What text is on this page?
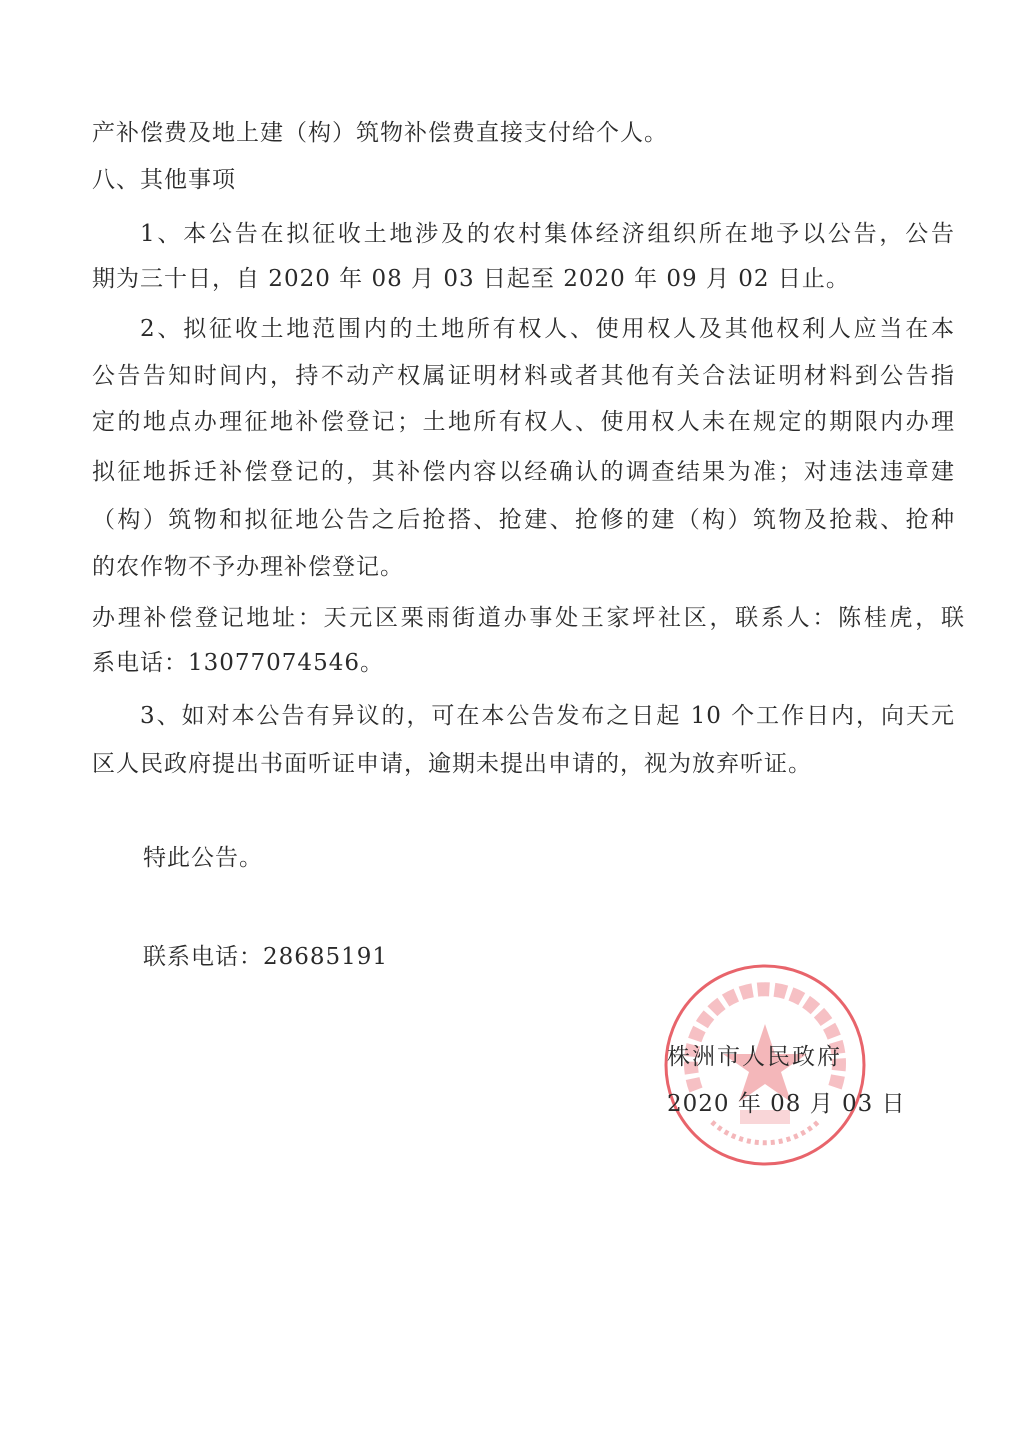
产补偿费及地上建（构）筑物补偿费直接支付给个人。
八、其他事项
1、本公告在拟征收土地涉及的农村集体经济组织所在地予以公告，公告
期为三十日，自 2020 年 08 月 03 日起至 2020 年 09 月 02 日止。
2、拟征收土地范围内的土地所有权人、使用权人及其他权利人应当在本
公告告知时间内，持不动产权属证明材料或者其他有关合法证明材料到公告指
定的地点办理征地补偿登记；土地所有权人、使用权人未在规定的期限内办理
拟征地拆迁补偿登记的，其补偿内容以经确认的调查结果为准；对违法违章建
（构）筑物和拟征地公告之后抢搭、抢建、抢修的建（构）筑物及抢栽、抢种
的农作物不予办理补偿登记。
办理补偿登记地址：天元区栗雨街道办事处王家坪社区，联系人：陈桂虎，联
系电话：13077074546。
3、如对本公告有异议的，可在本公告发布之日起 10 个工作日内，向天元
区人民政府提出书面听证申请，逾期未提出申请的，视为放弃听证。
特此公告。
联系电话：28685191
株洲市人民政府
2020 年 08 月 03 日
